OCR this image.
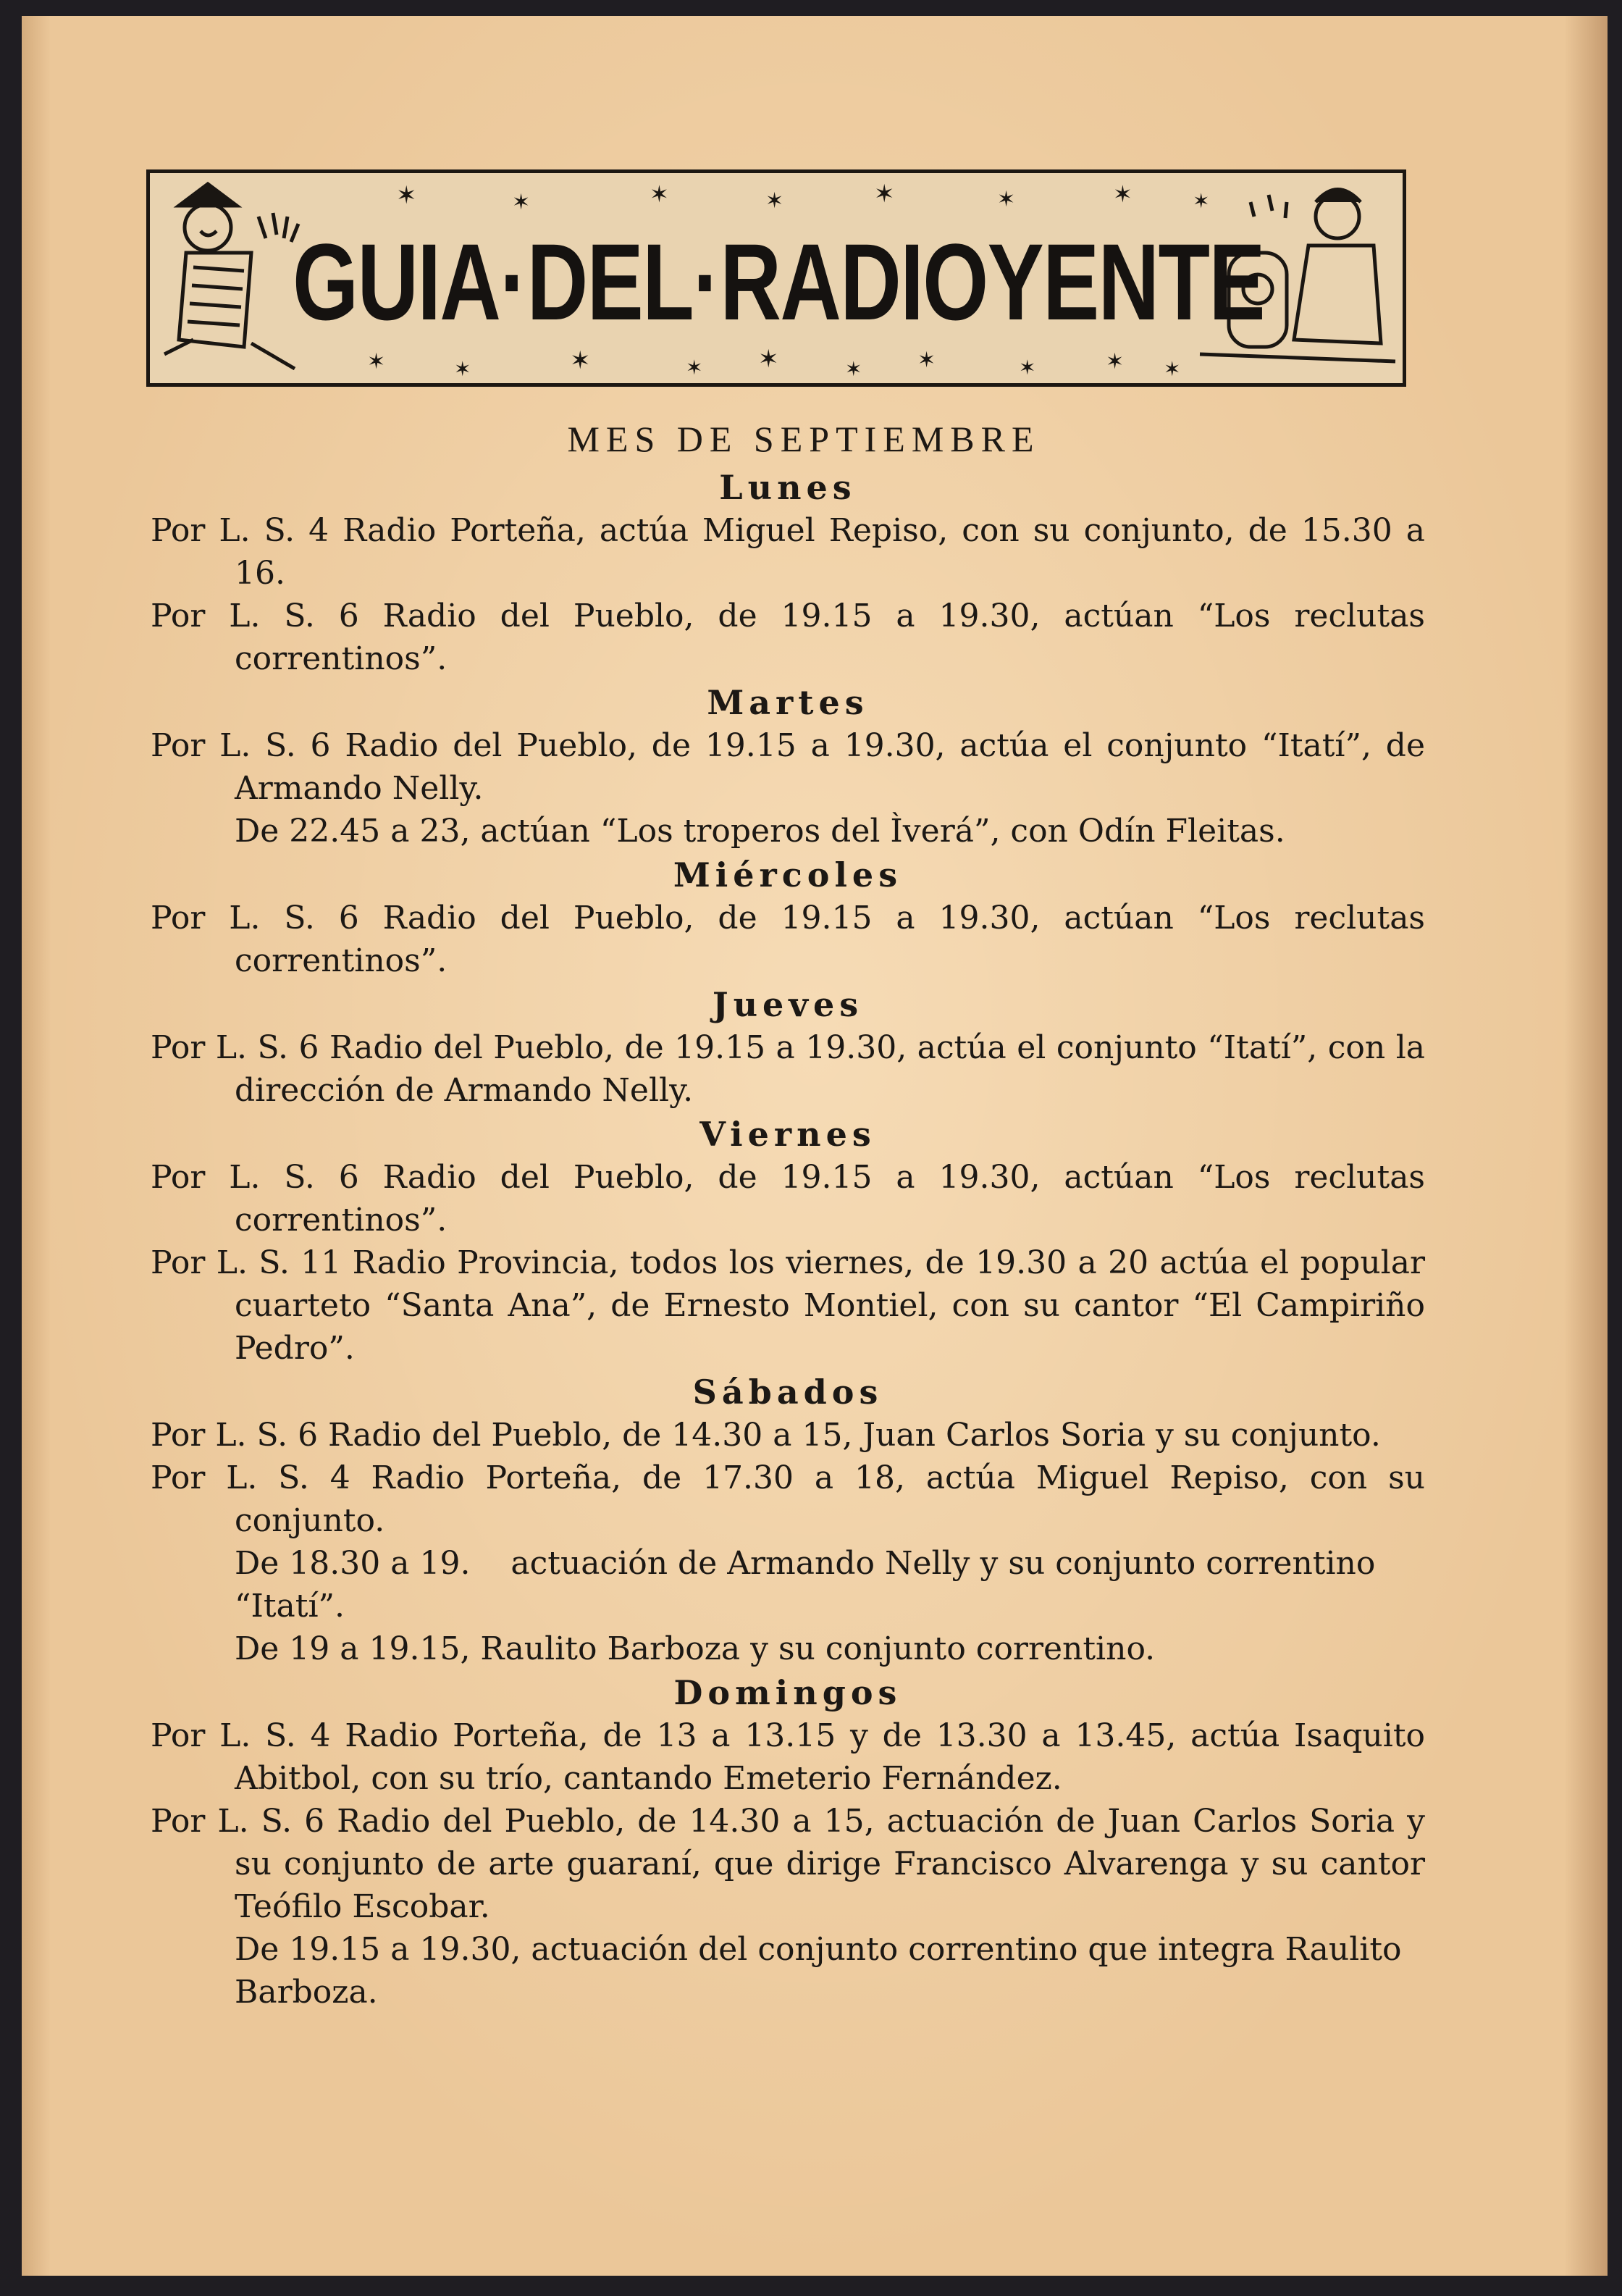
✶	✶	✶	✶	✶	✶	✶	✶
✶	✶	✶	✶ ✶	✶	✶	✶	✶ ✶
GUIA·DEL·RADIOYENTE
MES DE SEPTIEMBRE
Lunes
Por L. S. 4 Radio Porteña, actúa Miguel Repiso, con su conjunto, de 15.30 a 16.
Por L. S. 6 Radio del Pueblo, de 19.15 a 19.30, actúan “Los reclutas correntinos”.
Martes
Por L. S. 6 Radio del Pueblo, de 19.15 a 19.30, actúa el conjunto “Itatí”, de Armando Nelly.
De 22.45 a 23, actúan “Los troperos del Ìverá”, con Odín Fleitas.
Miércoles
Por L. S. 6 Radio del Pueblo, de 19.15 a 19.30, actúan “Los reclutas correntinos”.
Jueves
Por L. S. 6 Radio del Pueblo, de 19.15 a 19.30, actúa el conjunto “Itatí”, con la dirección de Armando Nelly.
Viernes
Por L. S. 6 Radio del Pueblo, de 19.15 a 19.30, actúan “Los reclutas correntinos”.
Por L. S. 11 Radio Provincia, todos los viernes, de 19.30 a 20 actúa el popular cuarteto “Santa Ana”, de Ernesto Montiel, con su cantor “El Campiriño Pedro”.
Sábados
Por L. S. 6 Radio del Pueblo, de 14.30 a 15, Juan Carlos Soria y su conjunto.
Por L. S. 4 Radio Porteña, de 17.30 a 18, actúa Miguel Repiso, con su conjunto.
De 18.30 a 19.    actuación de Armando Nelly y su conjunto correntino “Itatí”.
De 19 a 19.15, Raulito Barboza y su conjunto correntino.
Domingos
Por L. S. 4 Radio Porteña, de 13 a 13.15 y de 13.30 a 13.45, actúa Isaquito Abitbol, con su trío, cantando Emeterio Fernández.
Por L. S. 6 Radio del Pueblo, de 14.30 a 15, actuación de Juan Carlos Soria y su conjunto de arte guaraní, que dirige Francisco Alvarenga y su cantor Teófilo Escobar.
De 19.15 a 19.30, actuación del conjunto correntino que integra Raulito Barboza.
